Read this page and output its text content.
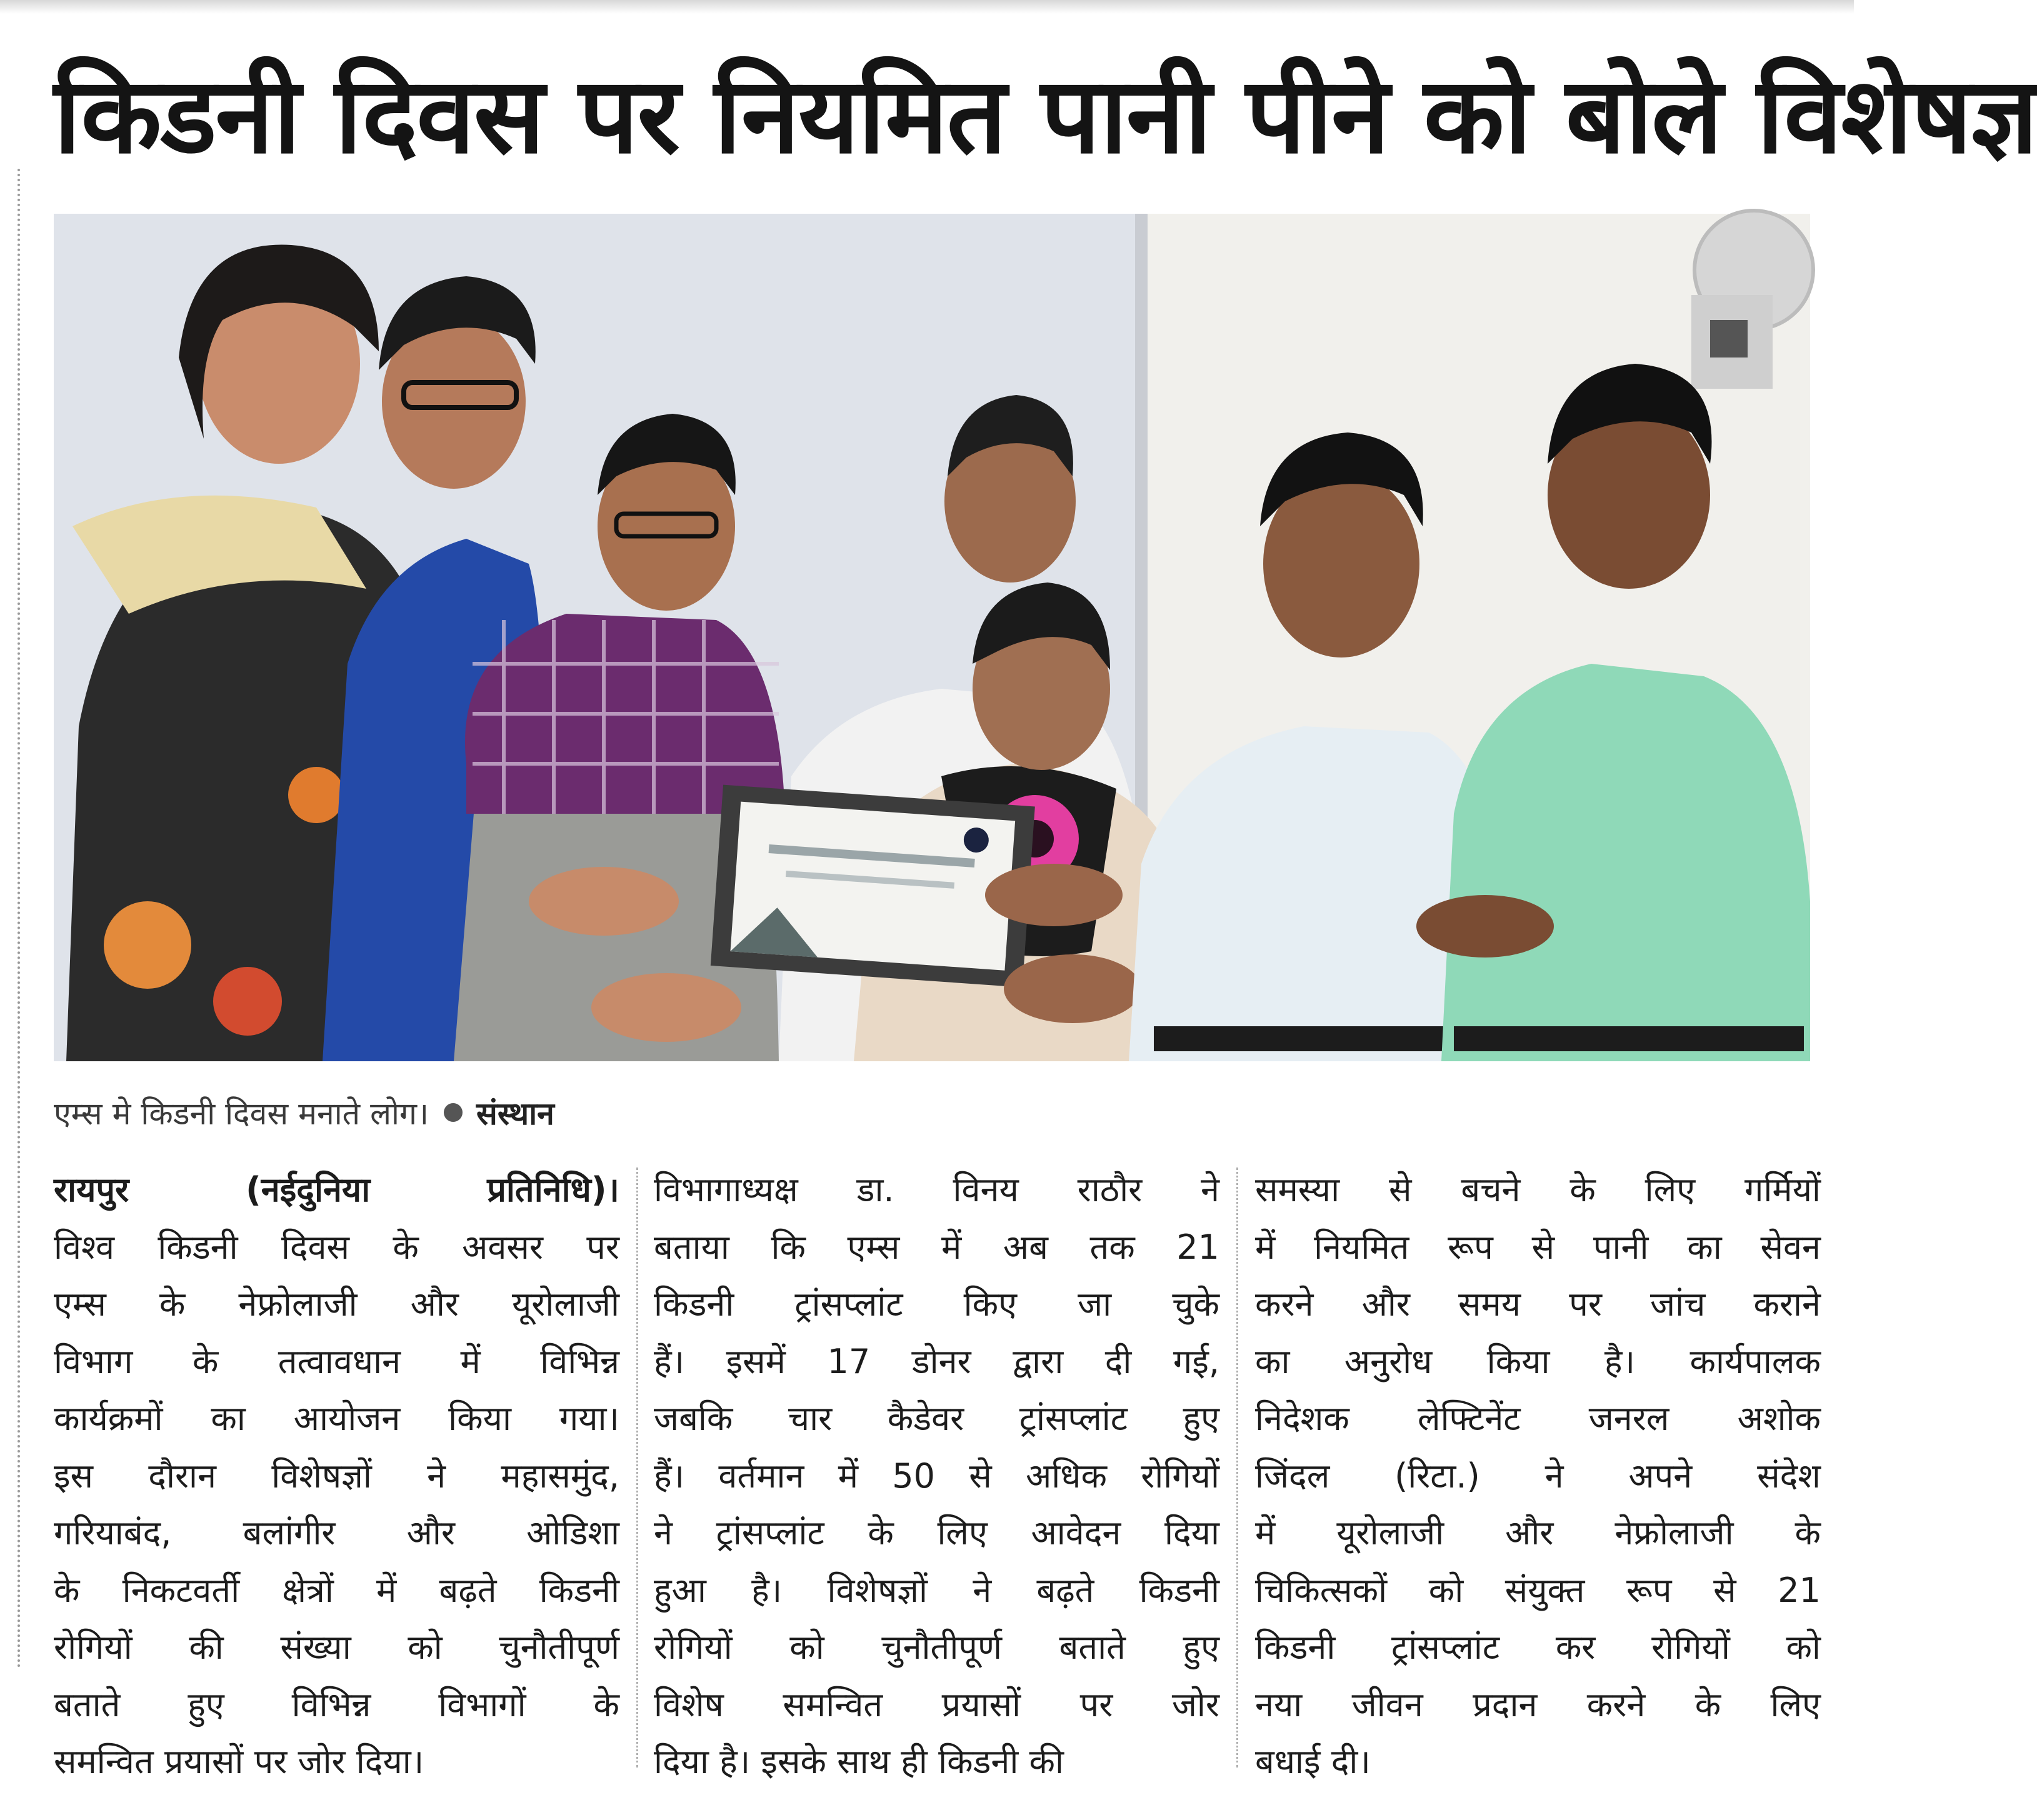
किडनी दिवस पर नियमित पानी पीने को बोले विशेषज्ञ
एम्स मे किडनी दिवस मनाते लोग। संस्थान
रायपुर (नईदुनिया प्रतिनिधि)।
विश्व किडनी दिवस के अवसर पर
एम्स के नेफ्रोलाजी और यूरोलाजी
विभाग के तत्वावधान में विभिन्न
कार्यक्रमों का आयोजन किया गया।
इस दौरान विशेषज्ञों ने महासमुंद,
गरियाबंद, बलांगीर और ओडिशा
के निकटवर्ती क्षेत्रों में बढ़ते किडनी
रोगियों की संख्या को चुनौतीपूर्ण
बताते हुए विभिन्न विभागों के
समन्वित प्रयासों पर जोर दिया।
विभागाध्यक्ष डा. विनय राठौर ने
बताया कि एम्स में अब तक 21
किडनी ट्रांसप्लांट किए जा चुके
हैं। इसमें 17 डोनर द्वारा दी गई,
जबकि चार कैडेवर ट्रांसप्लांट हुए
हैं। वर्तमान में 50 से अधिक रोगियों
ने ट्रांसप्लांट के लिए आवेदन दिया
हुआ है। विशेषज्ञों ने बढ़ते किडनी
रोगियों को चुनौतीपूर्ण बताते हुए
विशेष समन्वित प्रयासों पर जोर
दिया है। इसके साथ ही किडनी की
समस्या से बचने के लिए गर्मियों
में नियमित रूप से पानी का सेवन
करने और समय पर जांच कराने
का अनुरोध किया है। कार्यपालक
निदेशक लेफ्टिनेंट जनरल अशोक
जिंदल (रिटा.) ने अपने संदेश
में यूरोलाजी और नेफ्रोलाजी के
चिकित्सकों को संयुक्त रूप से 21
किडनी ट्रांसप्लांट कर रोगियों को
नया जीवन प्रदान करने के लिए
बधाई दी।
